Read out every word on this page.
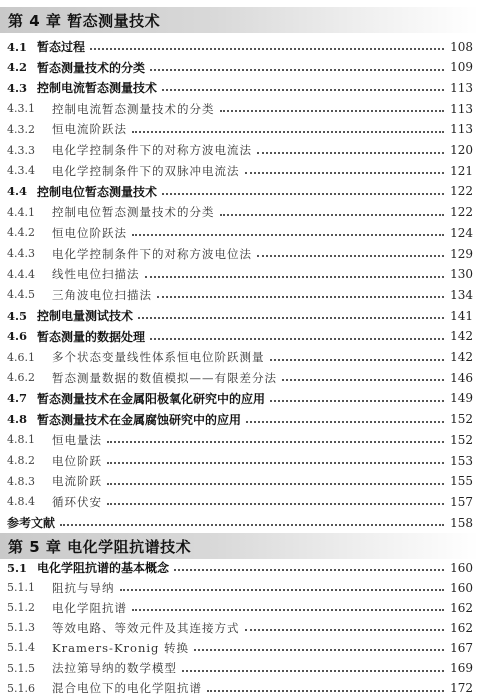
第 4 章 暂态测量技术
4.1 暂态过程	108
4.2 暂态测量技术的分类	109
4.3 控制电流暂态测量技术	113
4.3.1	控制电流暂态测量技术的分类	113
4.3.2	恒电流阶跃法	113
4.3.3	电化学控制条件下的对称方波电流法	120
4.3.4	电化学控制条件下的双脉冲电流法	121
4.4 控制电位暂态测量技术	122
4.4.1	控制电位暂态测量技术的分类	122
4.4.2	恒电位阶跃法	124
4.4.3	电化学控制条件下的对称方波电位法	129
4.4.4	线性电位扫描法	130
4.4.5	三角波电位扫描法	134
4.5 控制电量测试技术	141
4.6 暂态测量的数据处理	142
4.6.1	多个状态变量线性体系恒电位阶跃测量	142
4.6.2	暂态测量数据的数值模拟——有限差分法	146
4.7 暂态测量技术在金属阳极氧化研究中的应用	149
4.8 暂态测量技术在金属腐蚀研究中的应用	152
4.8.1	恒电量法	152
4.8.2	电位阶跃	153
4.8.3	电流阶跃	155
4.8.4	循环伏安	157
参考文献	158
第 5 章 电化学阻抗谱技术
5.1 电化学阻抗谱的基本概念	160
5.1.1	阻抗与导纳	160
5.1.2	电化学阻抗谱	162
5.1.3	等效电路、等效元件及其连接方式	162
5.1.4	Kramers-Kronig 转换	167
5.1.5	法拉第导纳的数学模型	169
5.1.6	混合电位下的电化学阻抗谱	172
